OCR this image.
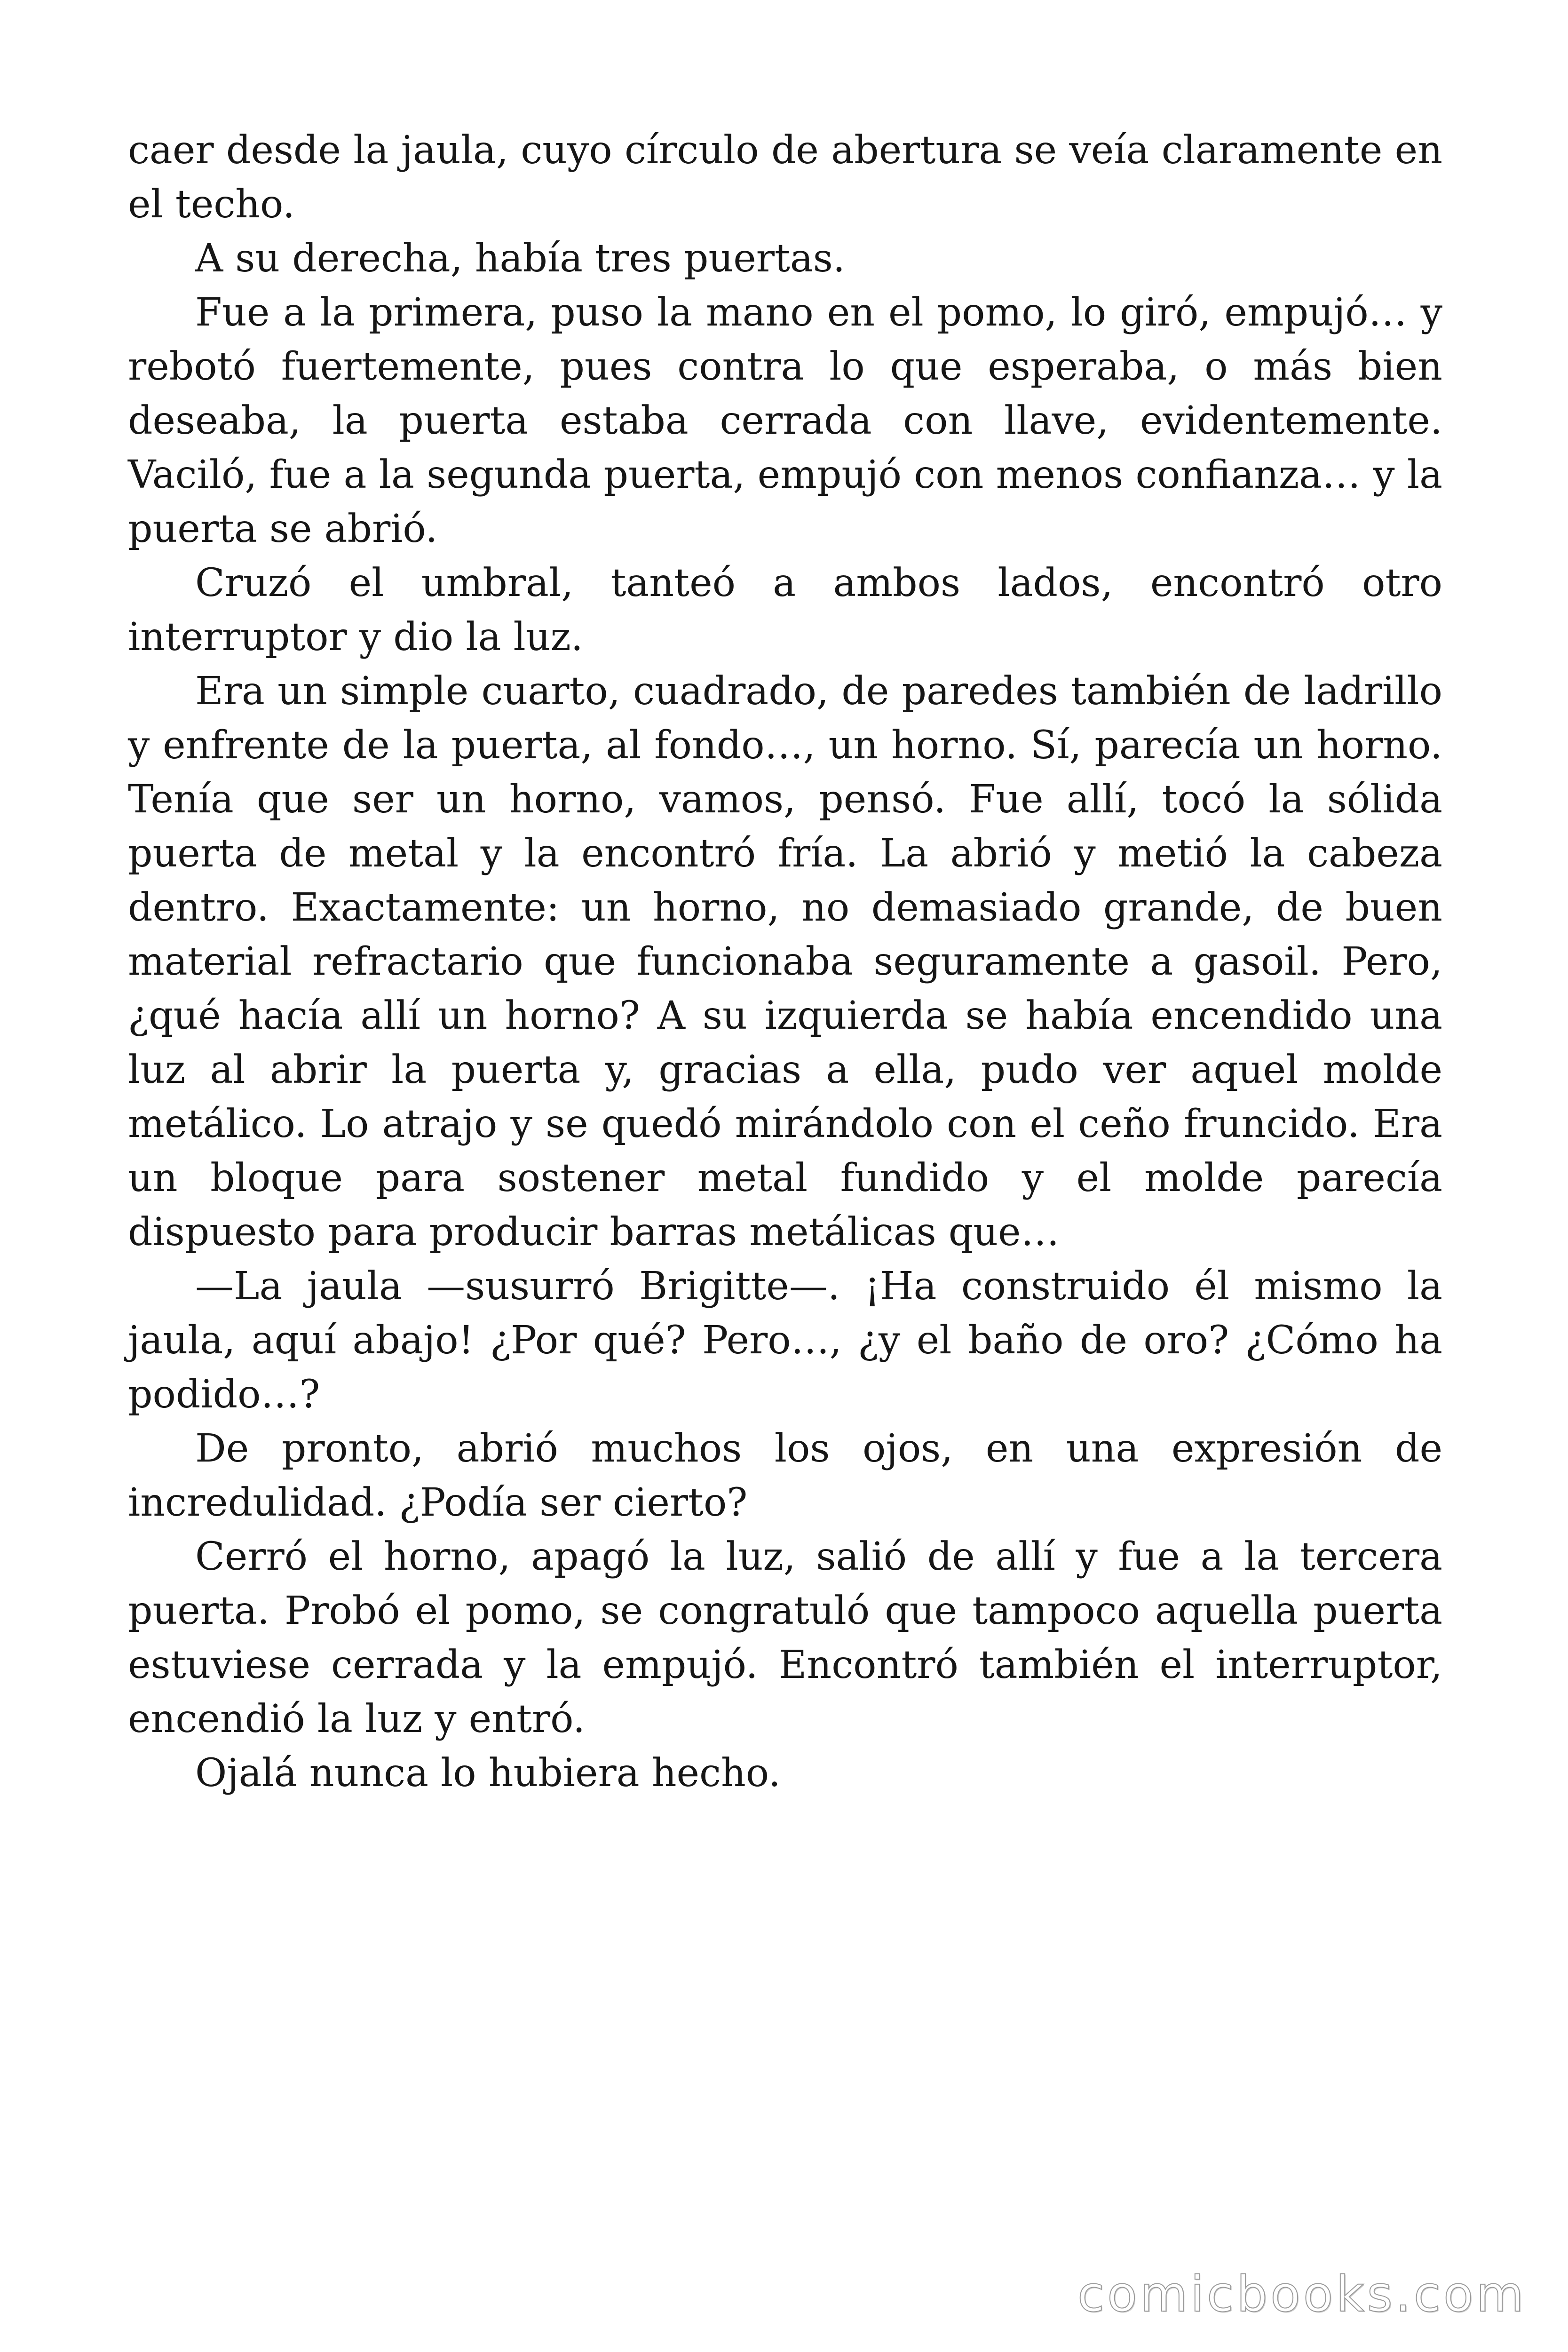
caer desde la jaula, cuyo círculo de abertura se veía claramente en el techo.

A su derecha, había tres puertas.

Fue a la primera, puso la mano en el pomo, lo giró, empujó… y rebotó fuertemente, pues contra lo que esperaba, o más bien deseaba, la puerta estaba cerrada con llave, evidentemente. Vaciló, fue a la segunda puerta, empujó con menos confianza… y la puerta se abrió.

Cruzó el umbral, tanteó a ambos lados, encontró otro interruptor y dio la luz.

Era un simple cuarto, cuadrado, de paredes también de ladrillo y enfrente de la puerta, al fondo…, un horno. Sí, parecía un horno. Tenía que ser un horno, vamos, pensó. Fue allí, tocó la sólida puerta de metal y la encontró fría. La abrió y metió la cabeza dentro. Exactamente: un horno, no demasiado grande, de buen material refractario que funcionaba seguramente a gasoil. Pero, ¿qué hacía allí un horno? A su izquierda se había encendido una luz al abrir la puerta y, gracias a ella, pudo ver aquel molde metálico. Lo atrajo y se quedó mirándolo con el ceño fruncido. Era un bloque para sostener metal fundido y el molde parecía dispuesto para producir barras metálicas que…

—La jaula —susurró Brigitte—. ¡Ha construido él mismo la jaula, aquí abajo! ¿Por qué? Pero…, ¿y el baño de oro? ¿Cómo ha podido…?

De pronto, abrió muchos los ojos, en una expresión de incredulidad. ¿Podía ser cierto?

Cerró el horno, apagó la luz, salió de allí y fue a la tercera puerta. Probó el pomo, se congratuló que tampoco aquella puerta estuviese cerrada y la empujó. Encontró también el interruptor, encendió la luz y entró.

Ojalá nunca lo hubiera hecho.

comicbooks.com
